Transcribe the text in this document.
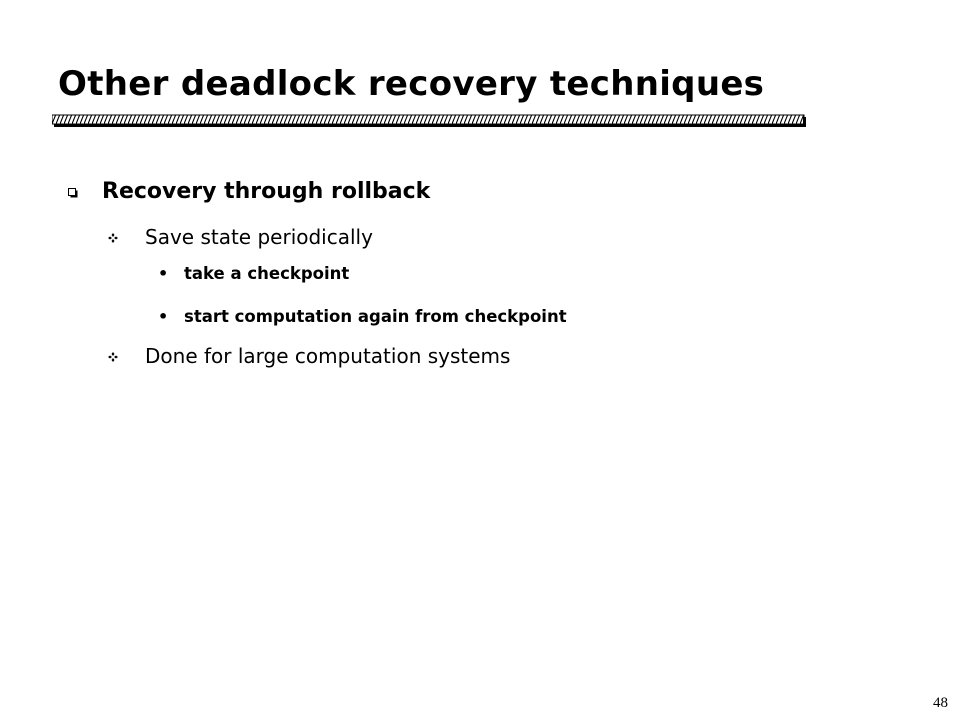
Other deadlock recovery techniques
Recovery through rollback
Save state periodically
• take a checkpoint
• start computation again from checkpoint
Done for large computation systems
48
